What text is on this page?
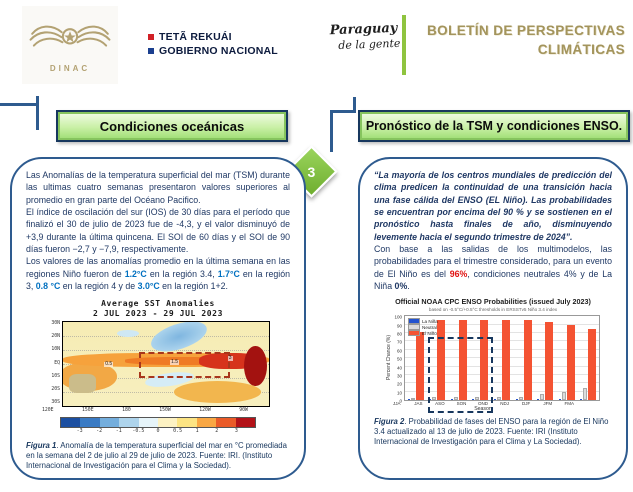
DINAC
TETÃ REKUÁI
GOBIERNO NACIONAL
Paraguay
de la gente
BOLETÍN DE PERSPECTIVAS
CLIMÁTICAS
3
Condiciones oceánicas	Pronóstico de la TSM y condiciones ENSO.
Las Anomalías de la temperatura superficial del mar (TSM) durante las ultimas cuatro semanas presentaron valores superiores al promedio en gran parte del Océano Pacifico.
El índice de oscilación del sur (IOS) de 30 días para el período que finalizó el 30 de julio de 2023 fue de -4,3, y el valor disminuyó de +3,9 durante la última quincena. El SOI de 60 días y el SOI de 90 días fueron −2,7 y −7,9, respectivamente.
Los valores de las anomalías promedio en la última semana en las regiones Niño fueron de 1.2°C en la región 3.4, 1.7°C en la región 3, 0.8 °C en la región 4 y de 3.0°C en la región 1+2.
Average SST Anomalies
2 JUL 2023 - 29 JUL 2023
30N
20N
10N
EQ
10S
20S
30S
0.5	1.5
3
120E	150E	180	150W	120W	90W
-3	-2	-1 -0.5 0	0.5	1	2	3
Figura 1. Anomalía de la temperatura superficial del mar en °C promediada en la semana del 2 de julio al 29 de julio de 2023. Fuente: IRI. (Instituto Internacional de Investigación para el Clima y la Sociedad).
“La mayoría de los centros mundiales de predicción del clima predicen la continuidad de una transición hacia una fase cálida del ENSO (EL Niño). Las probabilidades se encuentran por encima del 90 % y se sostienen en el pronóstico hasta finales de año, disminuyendo levemente hacia el segundo trimestre de 2024”.
Con base a las salidas de los multimodelos, las probabilidades para el trimestre considerado, para un evento de El Niño es del 96%, condiciones neutrales 4% y de La Niña 0%.
Official NOAA CPC ENSO Probabilities (issued July 2023)
based on -0.5°C/+0.5°C thresholds in ERSSTv5 Niño 3.4 index
Percent Chance (%)
0
10
20
30
40
50
60
70
80
90
100
La Niña
Neutral
El Niño
JJA	JAS	ASO	SON	OND	NDJ	DJF	JFM	FMA
Season
Figura 2. Probabilidad de fases del ENSO para la región de El Niño 3.4 actualizado al 13 de julio de 2023. Fuente: IRI (Instituto Internacional de Investigación para el Clima y La Sociedad).
